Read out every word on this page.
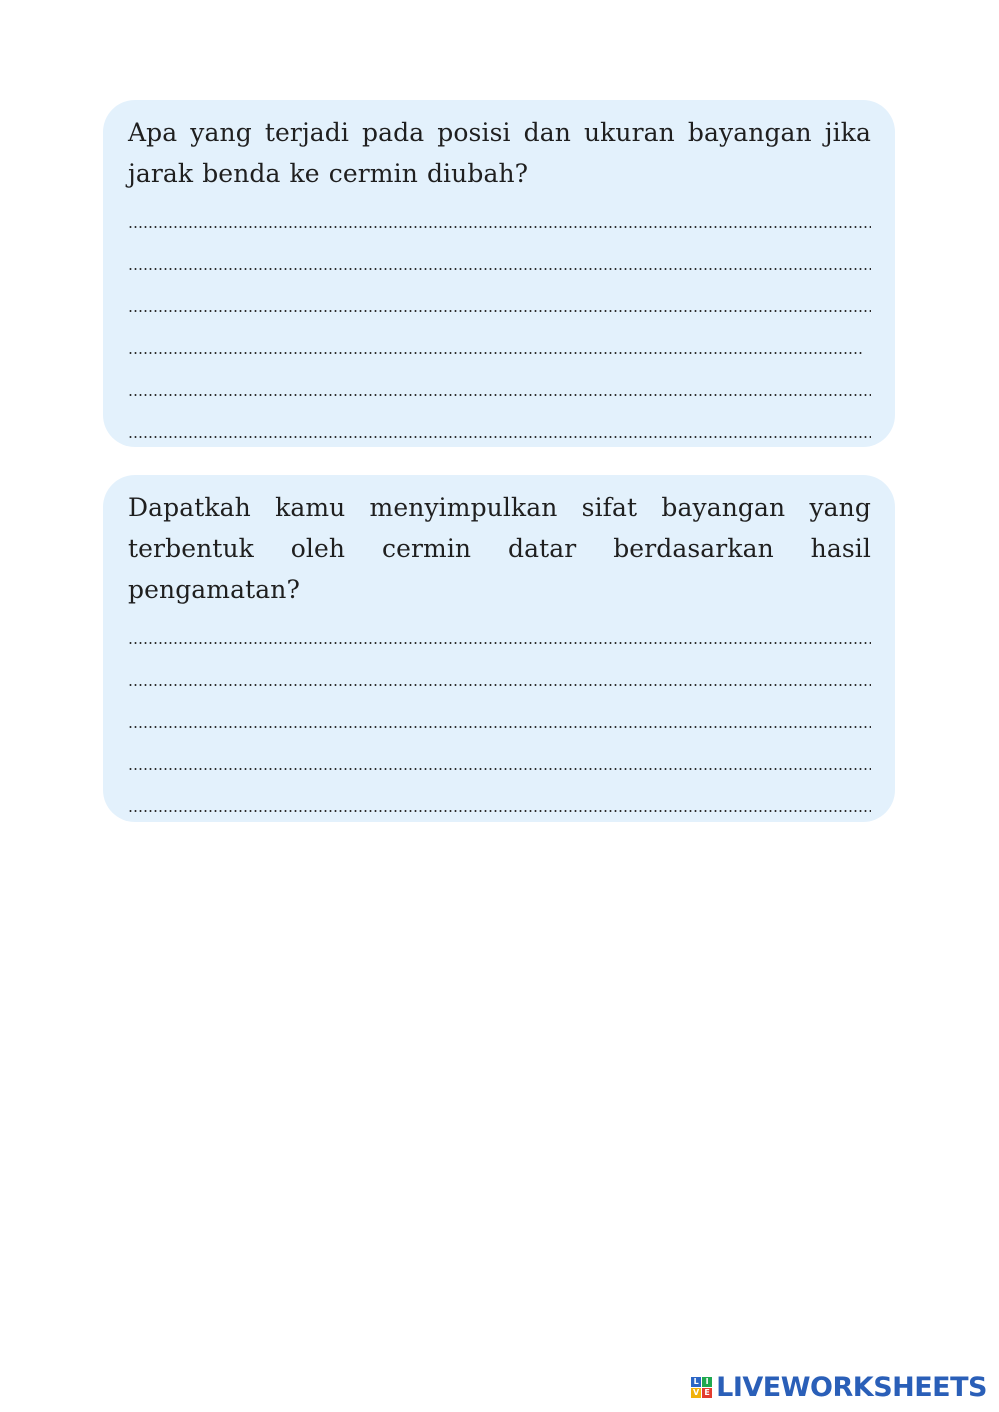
Apa yang terjadi pada posisi dan ukuran bayangan jika jarak benda ke cermin diubah?

Dapatkah kamu menyimpulkan sifat bayangan yang terbentuk oleh cermin datar berdasarkan hasil pengamatan?

L I
V E LIVEWORKSHEETS
